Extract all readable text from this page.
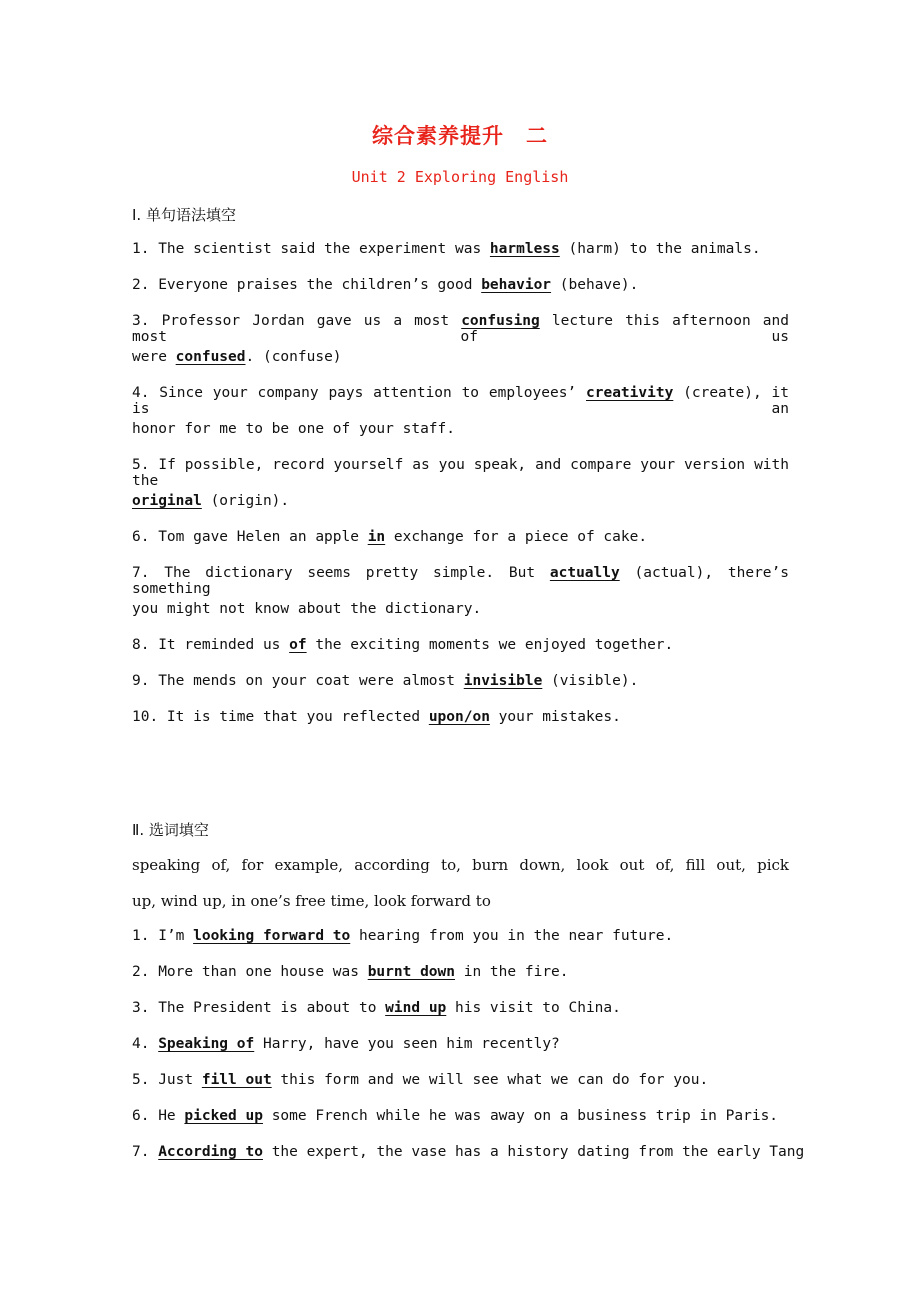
综合素养提升　二
Unit 2 Exploring English
Ⅰ. 单句语法填空
1. The scientist said the experiment was harmless (harm) to the animals.
2. Everyone praises the children’s good behavior (behave).
3. Professor Jordan gave us a most confusing lecture this afternoon and most of us
were confused. (confuse)
4. Since your company pays attention to employees’ creativity (create), it is an
honor for me to be one of your staff.
5. If possible, record yourself as you speak, and compare your version with the
original (origin).
6. Tom gave Helen an apple in exchange for a piece of cake.
7. The dictionary seems pretty simple. But actually (actual), there’s something
you might not know about the dictionary.
8. It reminded us of the exciting moments we enjoyed together.
9. The mends on your coat were almost invisible (visible).
10. It is time that you reflected upon/on your mistakes.
Ⅱ. 选词填空
speaking of, for example, according to, burn down, look out of, fill out, pick
up, wind up, in one’s free time, look forward to
1. I’m looking forward to hearing from you in the near future.
2. More than one house was burnt down in the fire.
3. The President is about to wind up his visit to China.
4. Speaking of Harry, have you seen him recently?
5. Just fill out this form and we will see what we can do for you.
6. He picked up some French while he was away on a business trip in Paris.
7. According to the expert, the vase has a history dating from the early Tang
